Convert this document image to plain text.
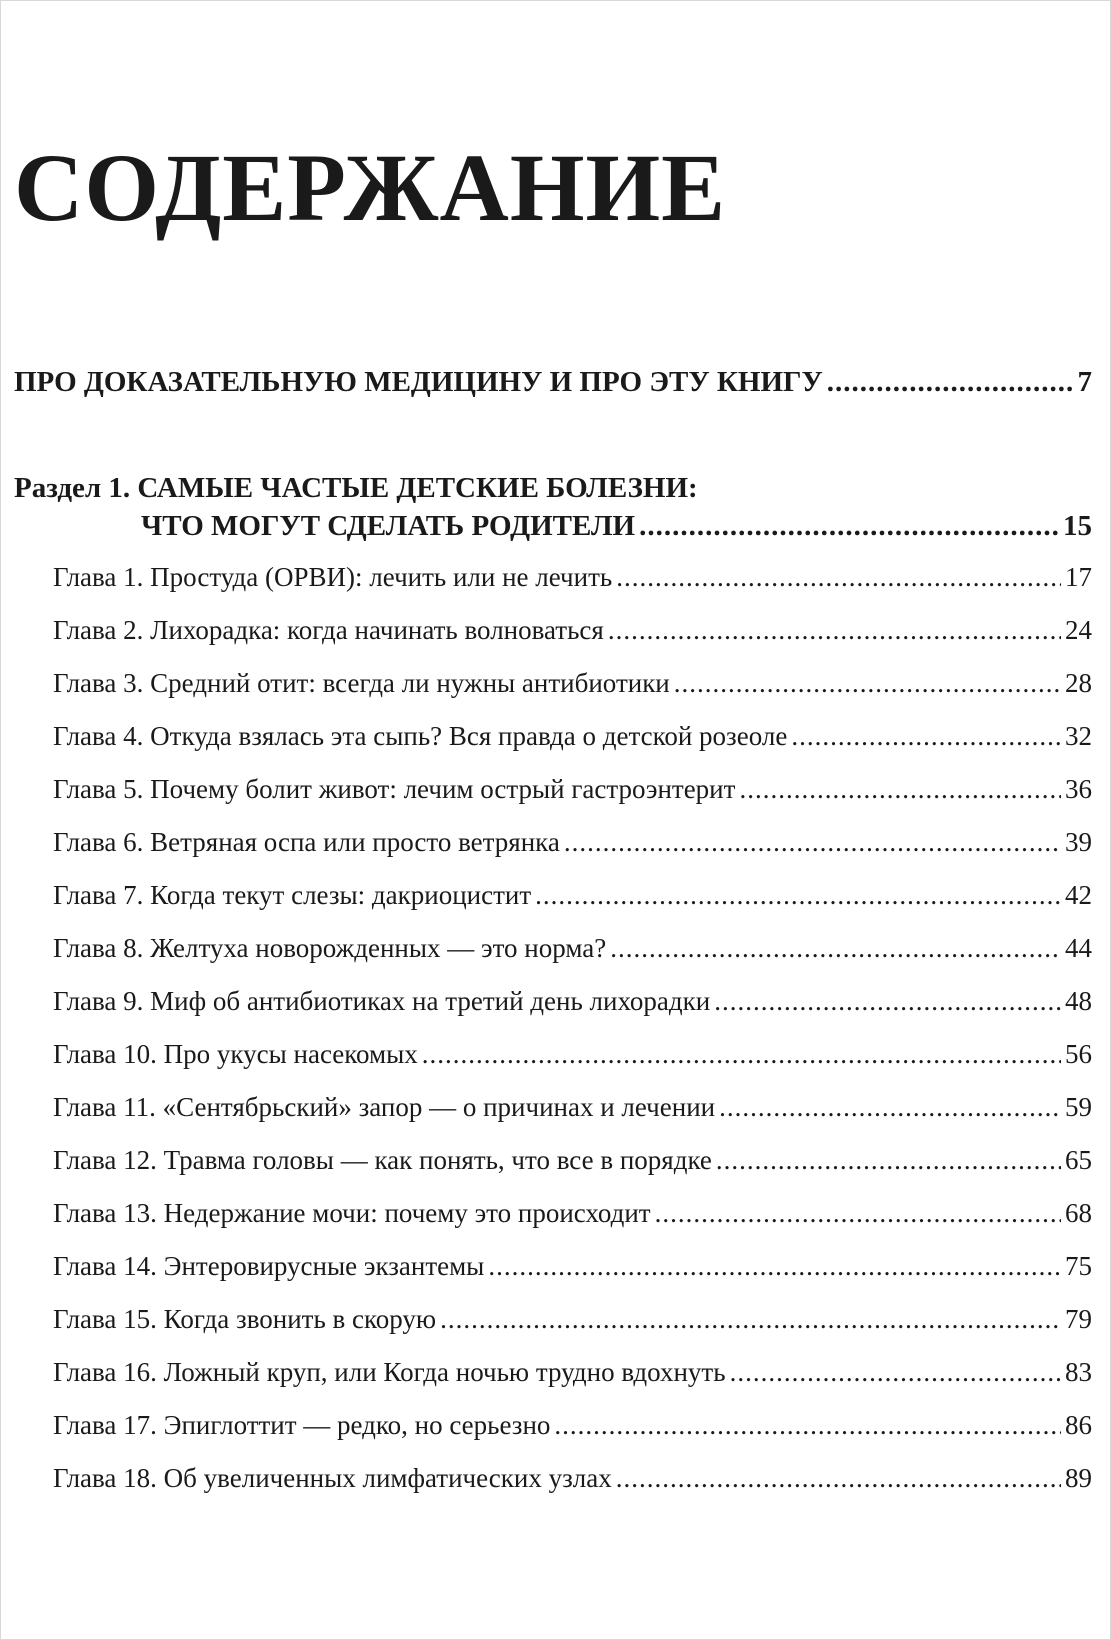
СОДЕРЖАНИЕ
ПРО ДОКАЗАТЕЛЬНУЮ МЕДИЦИНУ И ПРО ЭТУ КНИГУ .....	7
Раздел 1. САМЫЕ ЧАСТЫЕ ДЕТСКИЕ БОЛЕЗНИ:
ЧТО МОГУТ СДЕЛАТЬ РОДИТЕЛИ .....	15
Глава 1. Простуда (ОРВИ): лечить или не лечить .....	17
Глава 2. Лихорадка: когда начинать волноваться .....	24
Глава 3. Средний отит: всегда ли нужны антибиотики .....	28
Глава 4. Откуда взялась эта сыпь? Вся правда о детской розеоле .....	32
Глава 5. Почему болит живот: лечим острый гастроэнтерит .....	36
Глава 6. Ветряная оспа или просто ветрянка .....	39
Глава 7. Когда текут слезы: дакриоцистит .....	42
Глава 8. Желтуха новорожденных — это норма? .....	44
Глава 9. Миф об антибиотиках на третий день лихорадки .....	48
Глава 10. Про укусы насекомых .....	56
Глава 11. «Сентябрьский» запор — о причинах и лечении .....	59
Глава 12. Травма головы — как понять, что все в порядке .....	65
Глава 13. Недержание мочи: почему это происходит .....	68
Глава 14. Энтеровирусные экзантемы .....	75
Глава 15. Когда звонить в скорую .....	79
Глава 16. Ложный круп, или Когда ночью трудно вдохнуть .....	83
Глава 17. Эпиглоттит — редко, но серьезно .....	86
Глава 18. Об увеличенных лимфатических узлах .....	89
